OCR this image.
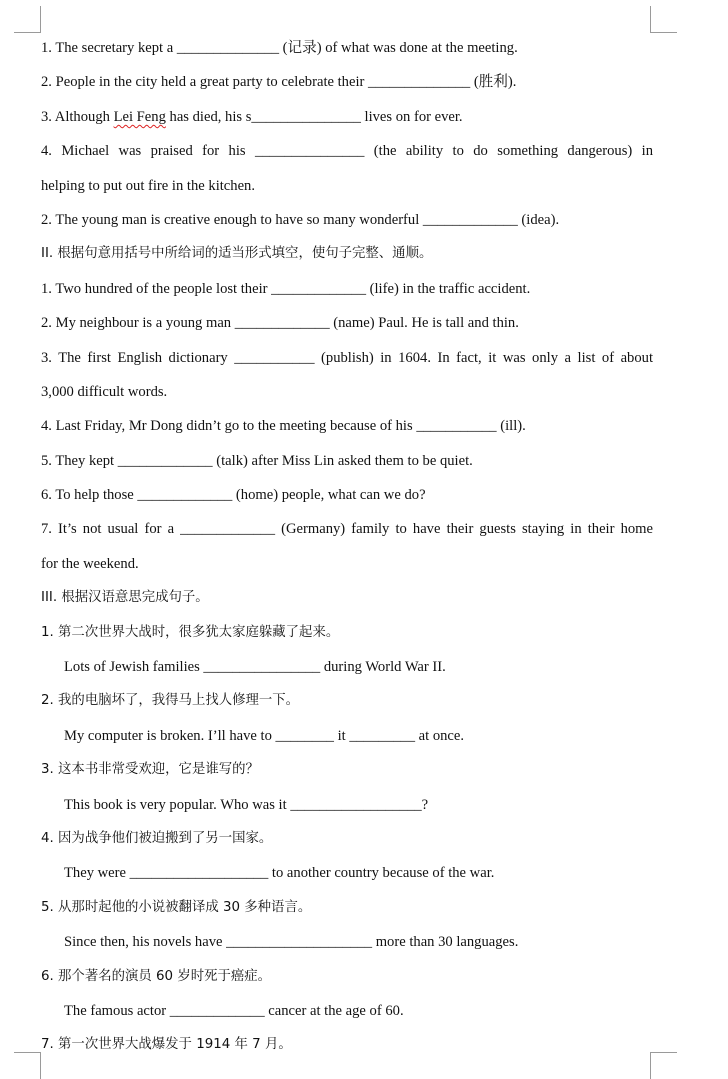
1. The secretary kept a ______________ (记录) of what was done at the meeting.
2. People in the city held a great party to celebrate their ______________ (胜利).
3. Although Lei Feng has died, his s_______________ lives on for ever.
4. Michael was praised for his _______________ (the ability to do something dangerous) in
helping to put out fire in the kitchen.
2. The young man is creative enough to have so many wonderful _____________ (idea).
II. 根据句意用括号中所给词的适当形式填空，使句子完整、通顺。
1. Two hundred of the people lost their _____________ (life) in the traffic accident.
2. My neighbour is a young man _____________ (name) Paul. He is tall and thin.
3. The first English dictionary ___________ (publish) in 1604. In fact, it was only a list of about
3,000 difficult words.
4. Last Friday, Mr Dong didn’t go to the meeting because of his ___________ (ill).
5. They kept _____________ (talk) after Miss Lin asked them to be quiet.
6. To help those _____________ (home) people, what can we do?
7. It’s not usual for a _____________ (Germany) family to have their guests staying in their home
for the weekend.
III. 根据汉语意思完成句子。
1. 第二次世界大战时，很多犹太家庭躲藏了起来。
Lots of Jewish families ________________ during World War II.
2. 我的电脑坏了，我得马上找人修理一下。
My computer is broken. I’ll have to ________ it _________ at once.
3. 这本书非常受欢迎，它是谁写的？
This book is very popular. Who was it __________________?
4. 因为战争他们被迫搬到了另一国家。
They were ___________________ to another country because of the war.
5. 从那时起他的小说被翻译成 30 多种语言。
Since then, his novels have ____________________ more than 30 languages.
6. 那个著名的演员 60 岁时死于癌症。
The famous actor _____________ cancer at the age of 60.
7. 第一次世界大战爆发于 1914 年 7 月。
